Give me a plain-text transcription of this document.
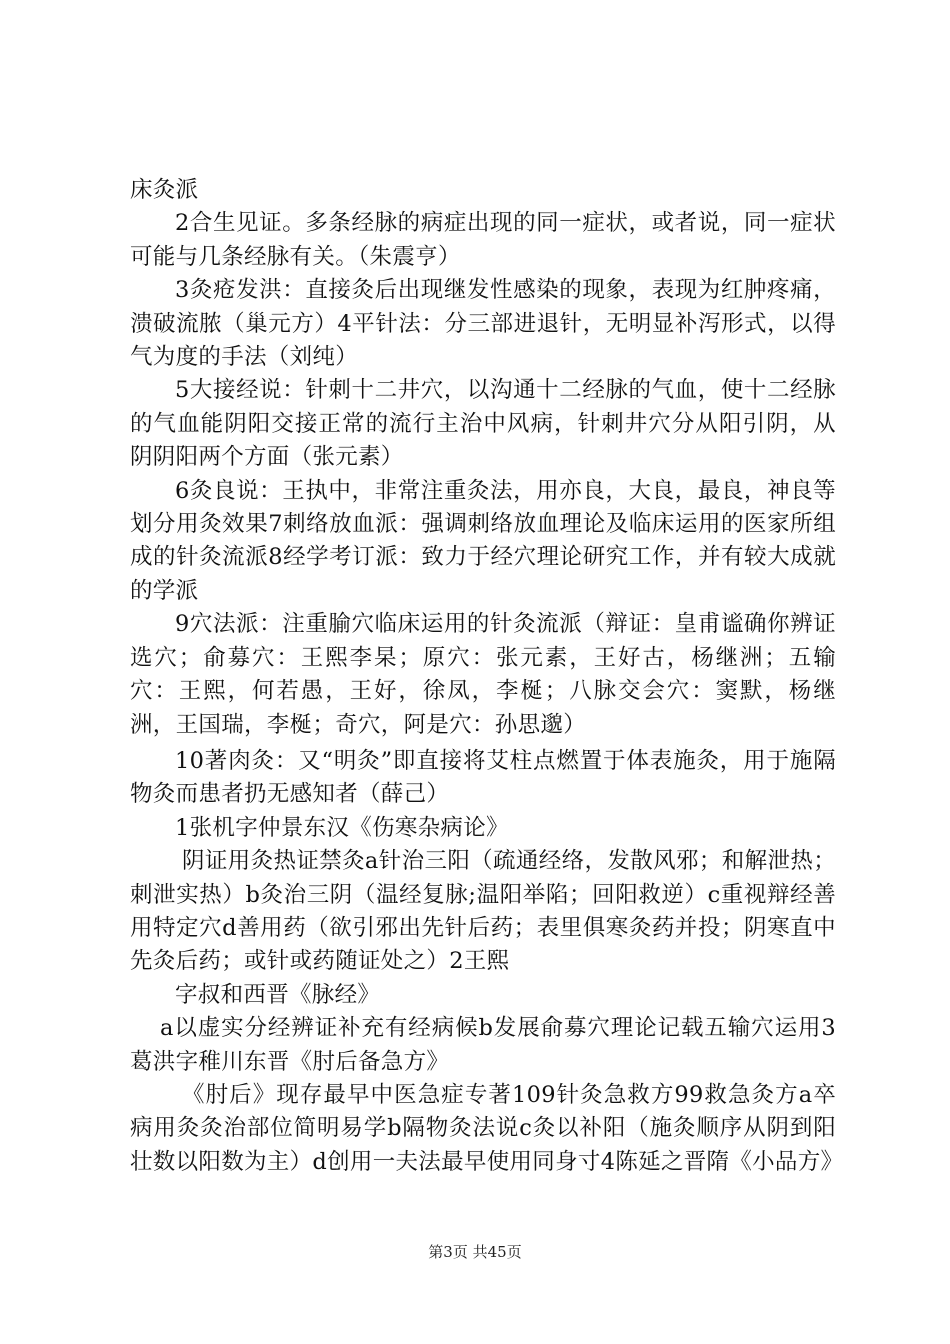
床灸派

2合生见证。多条经脉的病症出现的同一症状，或者说，同一症状可能与几条经脉有关。（朱震亨）

3灸疮发洪：直接灸后出现继发性感染的现象，表现为红肿疼痛，溃破流脓（巢元方）4平针法：分三部进退针，无明显补泻形式，以得气为度的手法（刘纯）

5大接经说：针刺十二井穴，以沟通十二经脉的气血，使十二经脉的气血能阴阳交接正常的流行主治中风病，针刺井穴分从阳引阴，从阴阴阳两个方面（张元素）

6灸良说：王执中，非常注重灸法，用亦良，大良，最良，神良等划分用灸效果7刺络放血派：强调刺络放血理论及临床运用的医家所组成的针灸流派8经学考订派：致力于经穴理论研究工作，并有较大成就的学派

9穴法派：注重腧穴临床运用的针灸流派（辩证：皇甫谧确你辨证选穴；俞募穴：王熙李杲；原穴：张元素，王好古，杨继洲；五输穴：王熙，何若愚，王好，徐凤，李梴；八脉交会穴：窦默，杨继洲，王国瑞，李梴；奇穴，阿是穴：孙思邈）

10著肉灸：又“明灸”即直接将艾柱点燃置于体表施灸，用于施隔物灸而患者扔无感知者（薛己）

1张机字仲景东汉《伤寒杂病论》

阴证用灸热证禁灸a针治三阳（疏通经络，发散风邪；和解泄热；刺泄实热）b灸治三阴（温经复脉;温阳举陷；回阳救逆）c重视辩经善用特定穴d善用药（欲引邪出先针后药；表里俱寒灸药并投；阴寒直中先灸后药；或针或药随证处之）2王熙

字叔和西晋《脉经》

a以虚实分经辨证补充有经病候b发展俞募穴理论记载五输穴运用3葛洪字稚川东晋《肘后备急方》

《肘后》现存最早中医急症专著109针灸急救方99救急灸方a卒病用灸灸治部位简明易学b隔物灸法说c灸以补阳（施灸顺序从阴到阳壮数以阳数为主）d创用一夫法最早使用同身寸4陈延之晋隋《小品方》

第3页 共45页
